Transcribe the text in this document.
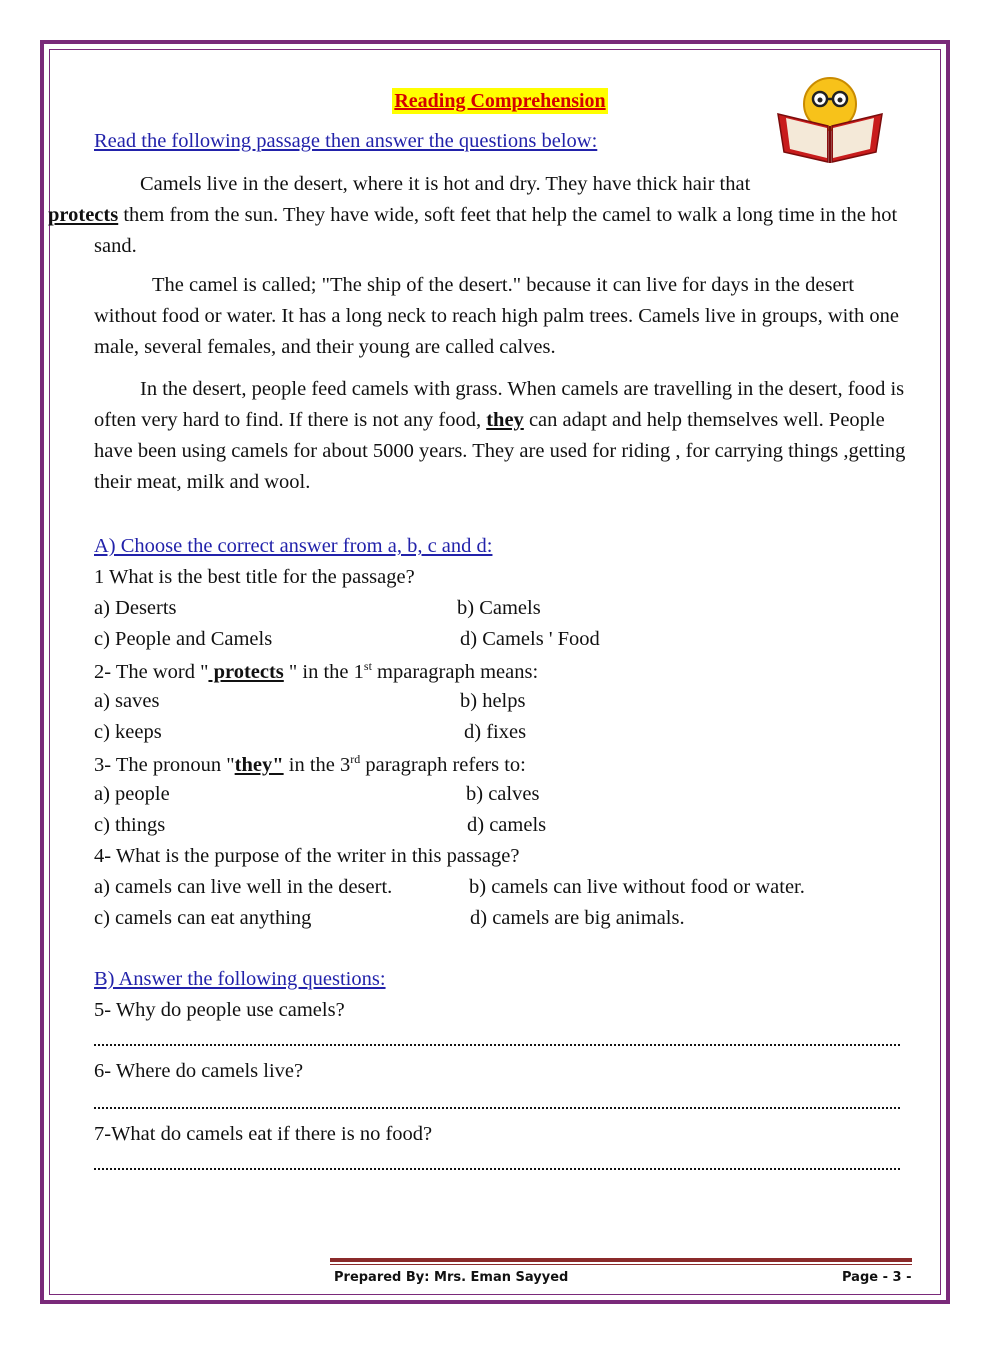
Reading Comprehension
Read the following passage then answer the questions below:

Camels live in the desert, where it is hot and dry. They have thick hair that
protects them from the sun. They have wide, soft feet that help the camel to walk a long time in the hot sand.

The camel is called; "The ship of the desert." because it can live for days in the desert without food or water. It has a long neck to reach high palm trees. Camels live in groups, with one male, several females, and their young are called calves.

In the desert, people feed camels with grass. When camels are travelling in the desert, food is often very hard to find. If there is not any food, they can adapt and help themselves well. People have been using camels for about 5000 years. They are used for riding , for carrying things ,getting their meat, milk and wool.

A) Choose the correct answer from a, b, c and d:
1 What is the best title for the passage?
a) Deserts	b) Camels
c) People and Camels	d) Camels ' Food
2- The word " protects " in the 1st mparagraph means:
a) saves	b) helps
c) keeps	d) fixes
3- The pronoun "they" in the 3rd paragraph refers to:
a) people	b) calves
c) things	d) camels
4- What is the purpose of the writer in this passage?
a) camels can live well in the desert.	b) camels can live without food or water.
c) camels can eat anything	d) camels are big animals.
B) Answer the following questions:
5- Why do people use camels?
6- Where do camels live?
7-What do camels eat if there is no food?
Prepared By: Mrs. Eman Sayyed	Page - 3 -
